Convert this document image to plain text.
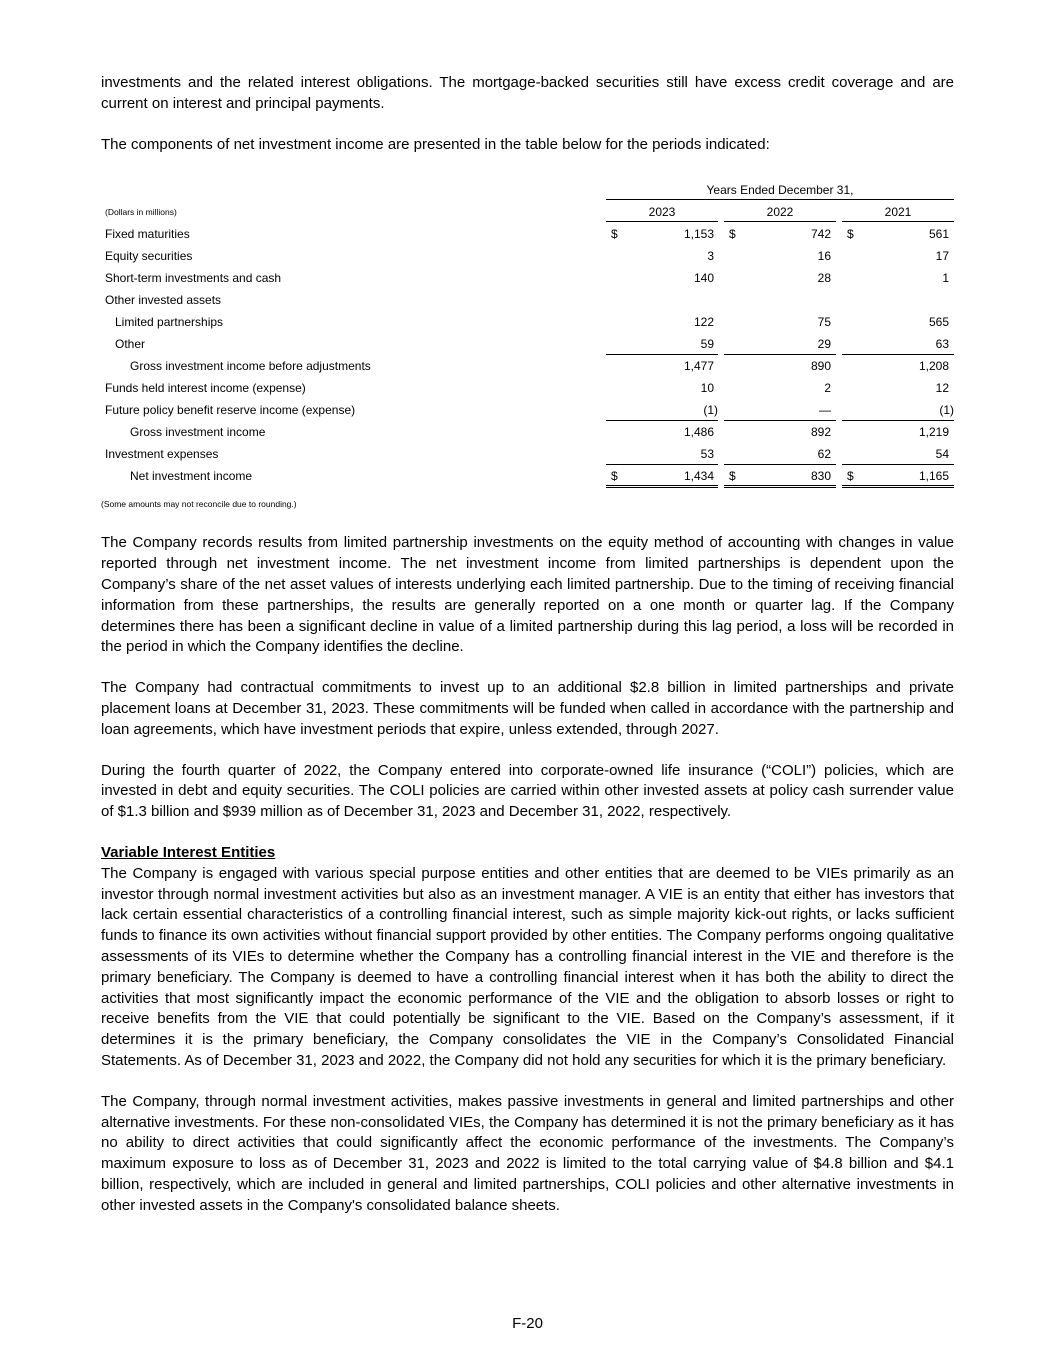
investments and the related interest obligations. The mortgage-backed securities still have excess credit coverage and are current on interest and principal payments.

The components of net investment income are presented in the table below for the periods indicated:

Years Ended December 31,
(Dollars in millions)	2023	2022	2021
Fixed maturities	$	1,153 $	742 $	561
Equity securities	3	16	17
Short-term investments and cash	140	28	1
Other invested assets
Limited partnerships	122	75	565
Other	59	29	63
Gross investment income before adjustments	1,477	890	1,208
Funds held interest income (expense)	10	2	12
Future policy benefit reserve income (expense)	(1)	—	(1)
Gross investment income	1,486	892	1,219
Investment expenses	53	62	54
Net investment income	$	1,434 $	830 $	1,165
(Some amounts may not reconcile due to rounding.)

The Company records results from limited partnership investments on the equity method of accounting with changes in value reported through net investment income. The net investment income from limited partnerships is dependent upon the Company’s share of the net asset values of interests underlying each limited partnership. Due to the timing of receiving financial information from these partnerships, the results are generally reported on a one month or quarter lag. If the Company determines there has been a significant decline in value of a limited partnership during this lag period, a loss will be recorded in the period in which the Company identifies the decline.

The Company had contractual commitments to invest up to an additional $2.8 billion in limited partnerships and private placement loans at December 31, 2023. These commitments will be funded when called in accordance with the partnership and loan agreements, which have investment periods that expire, unless extended, through 2027.

During the fourth quarter of 2022, the Company entered into corporate-owned life insurance (“COLI”) policies, which are invested in debt and equity securities. The COLI policies are carried within other invested assets at policy cash surrender value of $1.3 billion and $939 million as of December 31, 2023 and December 31, 2022, respectively.

Variable Interest Entities

The Company is engaged with various special purpose entities and other entities that are deemed to be VIEs primarily as an investor through normal investment activities but also as an investment manager. A VIE is an entity that either has investors that lack certain essential characteristics of a controlling financial interest, such as simple majority kick-out rights, or lacks sufficient funds to finance its own activities without financial support provided by other entities. The Company performs ongoing qualitative assessments of its VIEs to determine whether the Company has a controlling financial interest in the VIE and therefore is the primary beneficiary. The Company is deemed to have a controlling financial interest when it has both the ability to direct the activities that most significantly impact the economic performance of the VIE and the obligation to absorb losses or right to receive benefits from the VIE that could potentially be significant to the VIE. Based on the Company’s assessment, if it determines it is the primary beneficiary, the Company consolidates the VIE in the Company’s Consolidated Financial Statements. As of December 31, 2023 and 2022, the Company did not hold any securities for which it is the primary beneficiary.

The Company, through normal investment activities, makes passive investments in general and limited partnerships and other alternative investments. For these non-consolidated VIEs, the Company has determined it is not the primary beneficiary as it has no ability to direct activities that could significantly affect the economic performance of the investments. The Company’s maximum exposure to loss as of December 31, 2023 and 2022 is limited to the total carrying value of $4.8 billion and $4.1 billion, respectively, which are included in general and limited partnerships, COLI policies and other alternative investments in other invested assets in the Company's consolidated balance sheets.

F-20
